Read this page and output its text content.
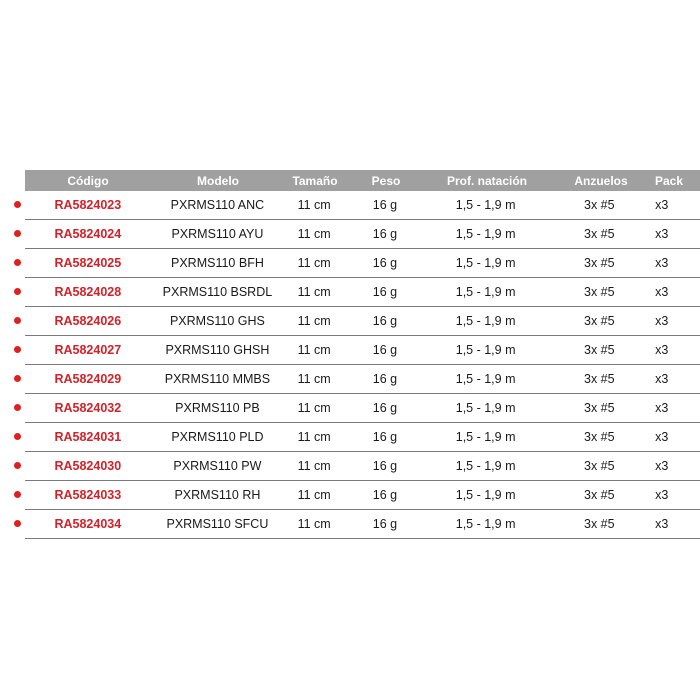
Código	Modelo	Tamaño	Peso	Prof. natación	Anzuelos	Pack
RA5824023	PXRMS110 ANC	11 cm	16 g	1,5 - 1,9 m	3x #5	x3
RA5824024	PXRMS110 AYU	11 cm	16 g	1,5 - 1,9 m	3x #5	x3
RA5824025	PXRMS110 BFH	11 cm	16 g	1,5 - 1,9 m	3x #5	x3
RA5824028	PXRMS110 BSRDL	11 cm	16 g	1,5 - 1,9 m	3x #5	x3
RA5824026	PXRMS110 GHS	11 cm	16 g	1,5 - 1,9 m	3x #5	x3
RA5824027	PXRMS110 GHSH	11 cm	16 g	1,5 - 1,9 m	3x #5	x3
RA5824029	PXRMS110 MMBS	11 cm	16 g	1,5 - 1,9 m	3x #5	x3
RA5824032	PXRMS110 PB	11 cm	16 g	1,5 - 1,9 m	3x #5	x3
RA5824031	PXRMS110 PLD	11 cm	16 g	1,5 - 1,9 m	3x #5	x3
RA5824030	PXRMS110 PW	11 cm	16 g	1,5 - 1,9 m	3x #5	x3
RA5824033	PXRMS110 RH	11 cm	16 g	1,5 - 1,9 m	3x #5	x3
RA5824034	PXRMS110 SFCU	11 cm	16 g	1,5 - 1,9 m	3x #5	x3
